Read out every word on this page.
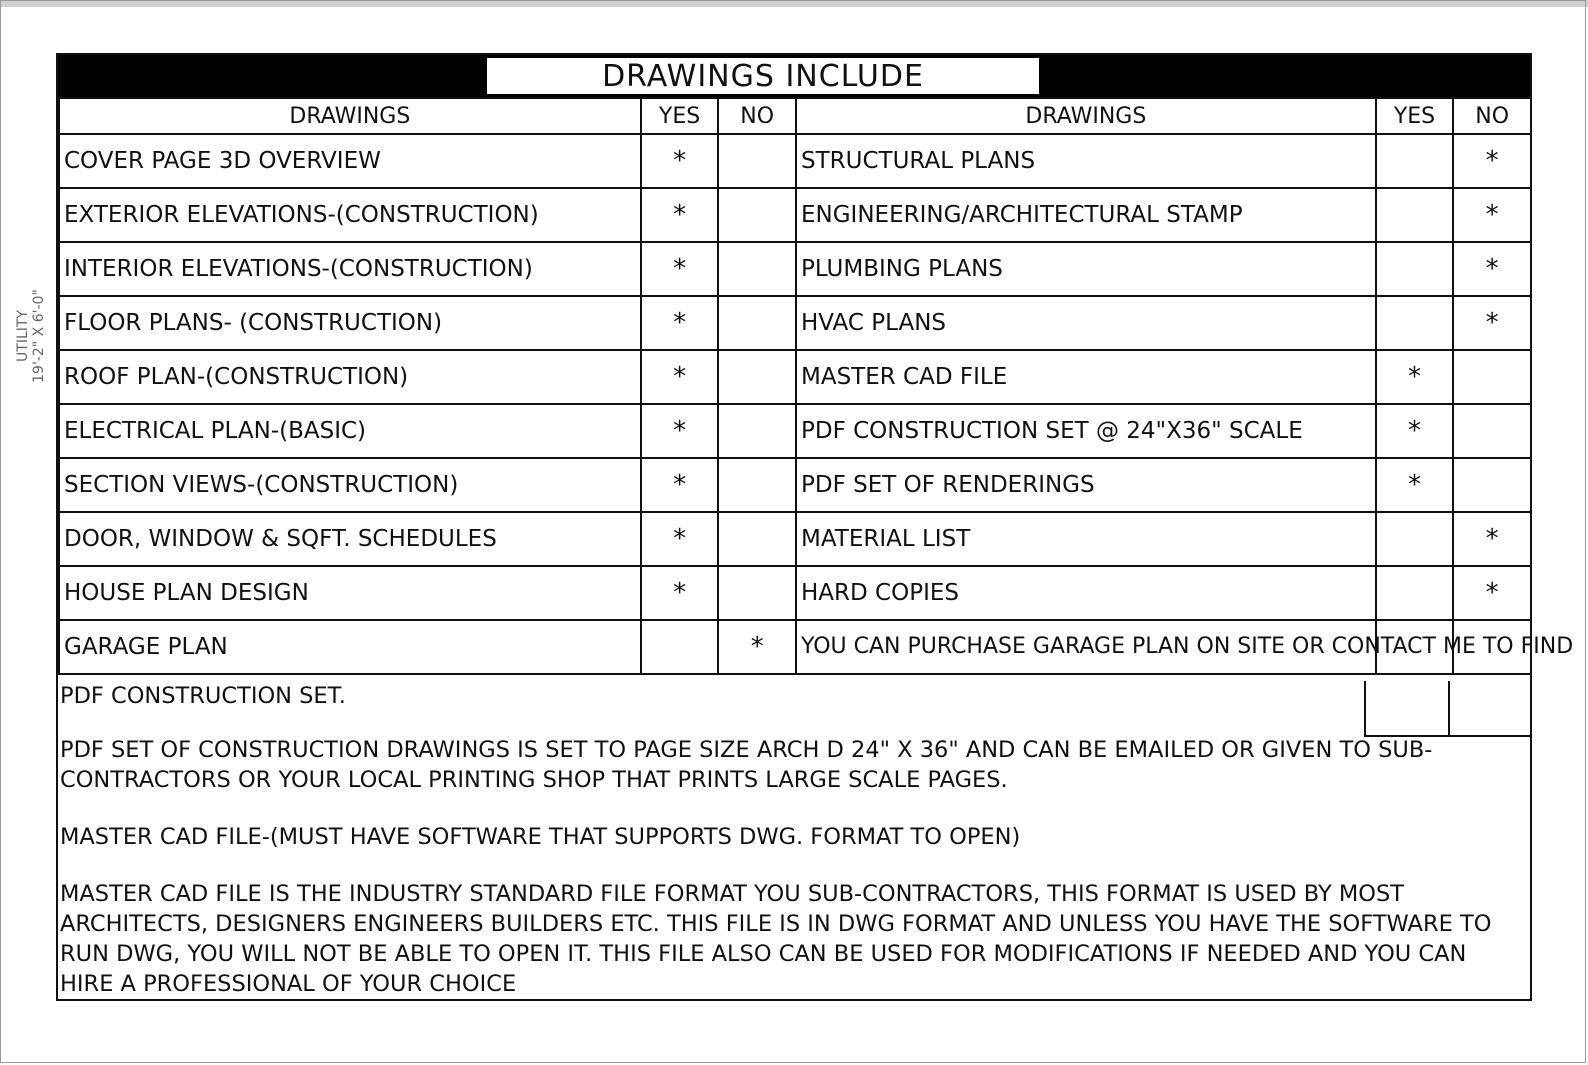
UTILITY 19'-2" X 6'-0"
DRAWINGS INCLUDE
DRAWINGS	YES	NO	DRAWINGS	YES	NO
COVER PAGE 3D OVERVIEW	*		STRUCTURAL PLANS		*
EXTERIOR ELEVATIONS-(CONSTRUCTION)	*		ENGINEERING/ARCHITECTURAL STAMP		*
INTERIOR ELEVATIONS-(CONSTRUCTION)	*		PLUMBING PLANS		*
FLOOR PLANS- (CONSTRUCTION)	*		HVAC PLANS		*
ROOF PLAN-(CONSTRUCTION)	*		MASTER CAD FILE	*	
ELECTRICAL PLAN-(BASIC)	*		PDF CONSTRUCTION SET @ 24"X36" SCALE	*	
SECTION VIEWS-(CONSTRUCTION)	*		PDF SET OF RENDERINGS	*	
DOOR, WINDOW & SQFT. SCHEDULES	*		MATERIAL LIST		*
HOUSE PLAN DESIGN	*		HARD COPIES		*
GARAGE PLAN		*	YOU CAN PURCHASE GARAGE PLAN ON SITE OR CONTACT ME TO FIND		

PDF CONSTRUCTION SET.

PDF SET OF CONSTRUCTION DRAWINGS IS SET TO PAGE SIZE ARCH D 24" X 36" AND CAN BE EMAILED OR GIVEN TO SUB-CONTRACTORS OR YOUR LOCAL PRINTING SHOP THAT PRINTS LARGE SCALE PAGES.

MASTER CAD FILE-(MUST HAVE SOFTWARE THAT SUPPORTS DWG. FORMAT TO OPEN)

MASTER CAD FILE IS THE INDUSTRY STANDARD FILE FORMAT YOU SUB-CONTRACTORS, THIS FORMAT IS USED BY MOST ARCHITECTS, DESIGNERS ENGINEERS BUILDERS ETC. THIS FILE IS IN DWG FORMAT AND UNLESS YOU HAVE THE SOFTWARE TO RUN DWG, YOU WILL NOT BE ABLE TO OPEN IT. THIS FILE ALSO CAN BE USED FOR MODIFICATIONS IF NEEDED AND YOU CAN HIRE A PROFESSIONAL OF YOUR CHOICE
